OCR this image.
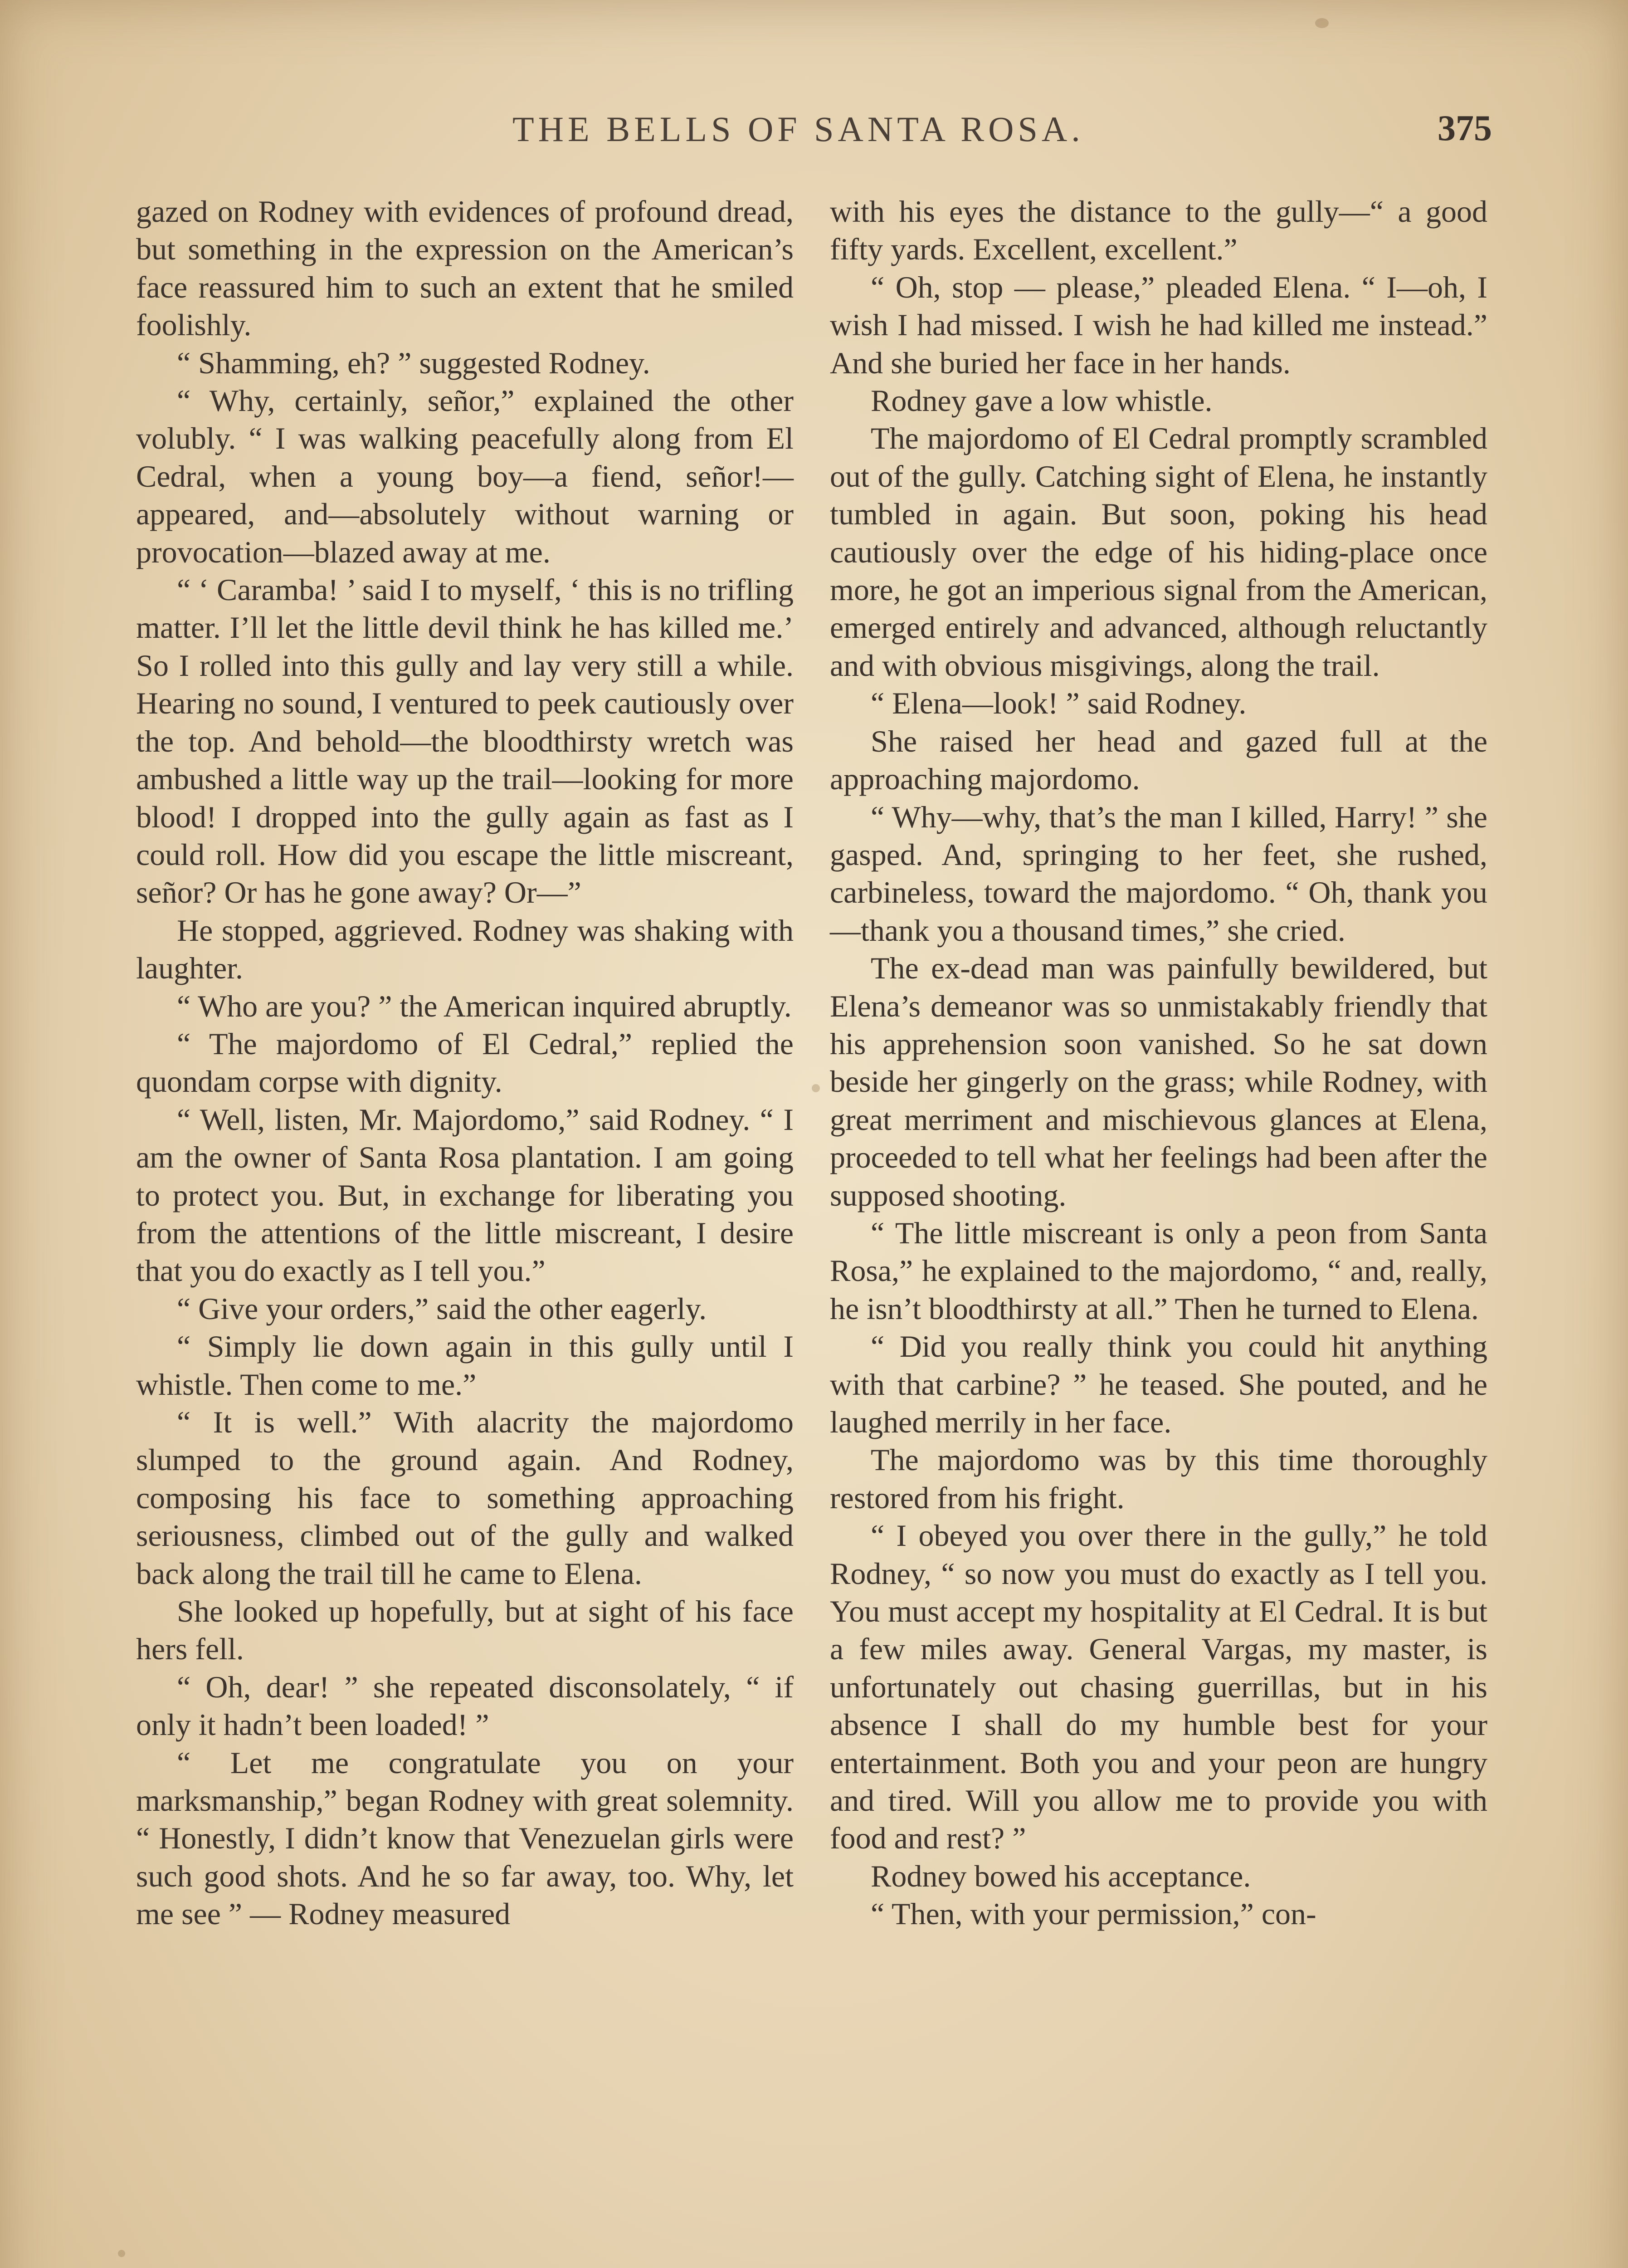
THE BELLS OF SANTA ROSA.	375

gazed on Rodney with evidences of profound dread, but something in the expression on the American’s face reassured him to such an extent that he smiled foolishly.

“ Shamming, eh? ” suggested Rodney.

“ Why, certainly, señor,” explained the other volubly. “ I was walking peacefully along from El Cedral, when a young boy—a fiend, señor!—appeared, and—absolutely without warning or provocation—blazed away at me.

“ ‘ Caramba! ’ said I to myself, ‘ this is no trifling matter. I’ll let the little devil think he has killed me.’ So I rolled into this gully and lay very still a while. Hearing no sound, I ventured to peek cautiously over the top. And behold—the bloodthirsty wretch was ambushed a little way up the trail—looking for more blood! I dropped into the gully again as fast as I could roll. How did you escape the little miscreant, señor? Or has he gone away? Or—”

He stopped, aggrieved. Rodney was shaking with laughter.

“ Who are you? ” the American inquired abruptly.

“ The majordomo of El Cedral,” replied the quondam corpse with dignity.

“ Well, listen, Mr. Majordomo,” said Rodney. “ I am the owner of Santa Rosa plantation. I am going to protect you. But, in exchange for liberating you from the attentions of the little miscreant, I desire that you do exactly as I tell you.”

“ Give your orders,” said the other eagerly.

“ Simply lie down again in this gully until I whistle. Then come to me.”

“ It is well.” With alacrity the majordomo slumped to the ground again. And Rodney, composing his face to something approaching seriousness, climbed out of the gully and walked back along the trail till he came to Elena.

She looked up hopefully, but at sight of his face hers fell.

“ Oh, dear! ” she repeated disconsolately, “ if only it hadn’t been loaded! ”

“ Let me congratulate you on your marksmanship,” began Rodney with great solemnity. “ Honestly, I didn’t know that Venezuelan girls were such good shots. And he so far away, too. Why, let me see ” — Rodney measured

with his eyes the distance to the gully—“ a good fifty yards. Excellent, excellent.”

“ Oh, stop — please,” pleaded Elena. “ I—oh, I wish I had missed. I wish he had killed me instead.” And she buried her face in her hands.

Rodney gave a low whistle.

The majordomo of El Cedral promptly scrambled out of the gully. Catching sight of Elena, he instantly tumbled in again. But soon, poking his head cautiously over the edge of his hiding-place once more, he got an imperious signal from the American, emerged entirely and advanced, although reluctantly and with obvious misgivings, along the trail.

“ Elena—look! ” said Rodney.

She raised her head and gazed full at the approaching majordomo.

“ Why—why, that’s the man I killed, Harry! ” she gasped. And, springing to her feet, she rushed, carbineless, toward the majordomo. “ Oh, thank you—thank you a thousand times,” she cried.

The ex-dead man was painfully bewildered, but Elena’s demeanor was so unmistakably friendly that his apprehension soon vanished. So he sat down beside her gingerly on the grass; while Rodney, with great merriment and mischievous glances at Elena, proceeded to tell what her feelings had been after the supposed shooting.

“ The little miscreant is only a peon from Santa Rosa,” he explained to the majordomo, “ and, really, he isn’t bloodthirsty at all.” Then he turned to Elena.

“ Did you really think you could hit anything with that carbine? ” he teased. She pouted, and he laughed merrily in her face.

The majordomo was by this time thoroughly restored from his fright.

“ I obeyed you over there in the gully,” he told Rodney, “ so now you must do exactly as I tell you. You must accept my hospitality at El Cedral. It is but a few miles away. General Vargas, my master, is unfortunately out chasing guerrillas, but in his absence I shall do my humble best for your entertainment. Both you and your peon are hungry and tired. Will you allow me to provide you with food and rest? ”

Rodney bowed his acceptance.

“ Then, with your permission,” con-
